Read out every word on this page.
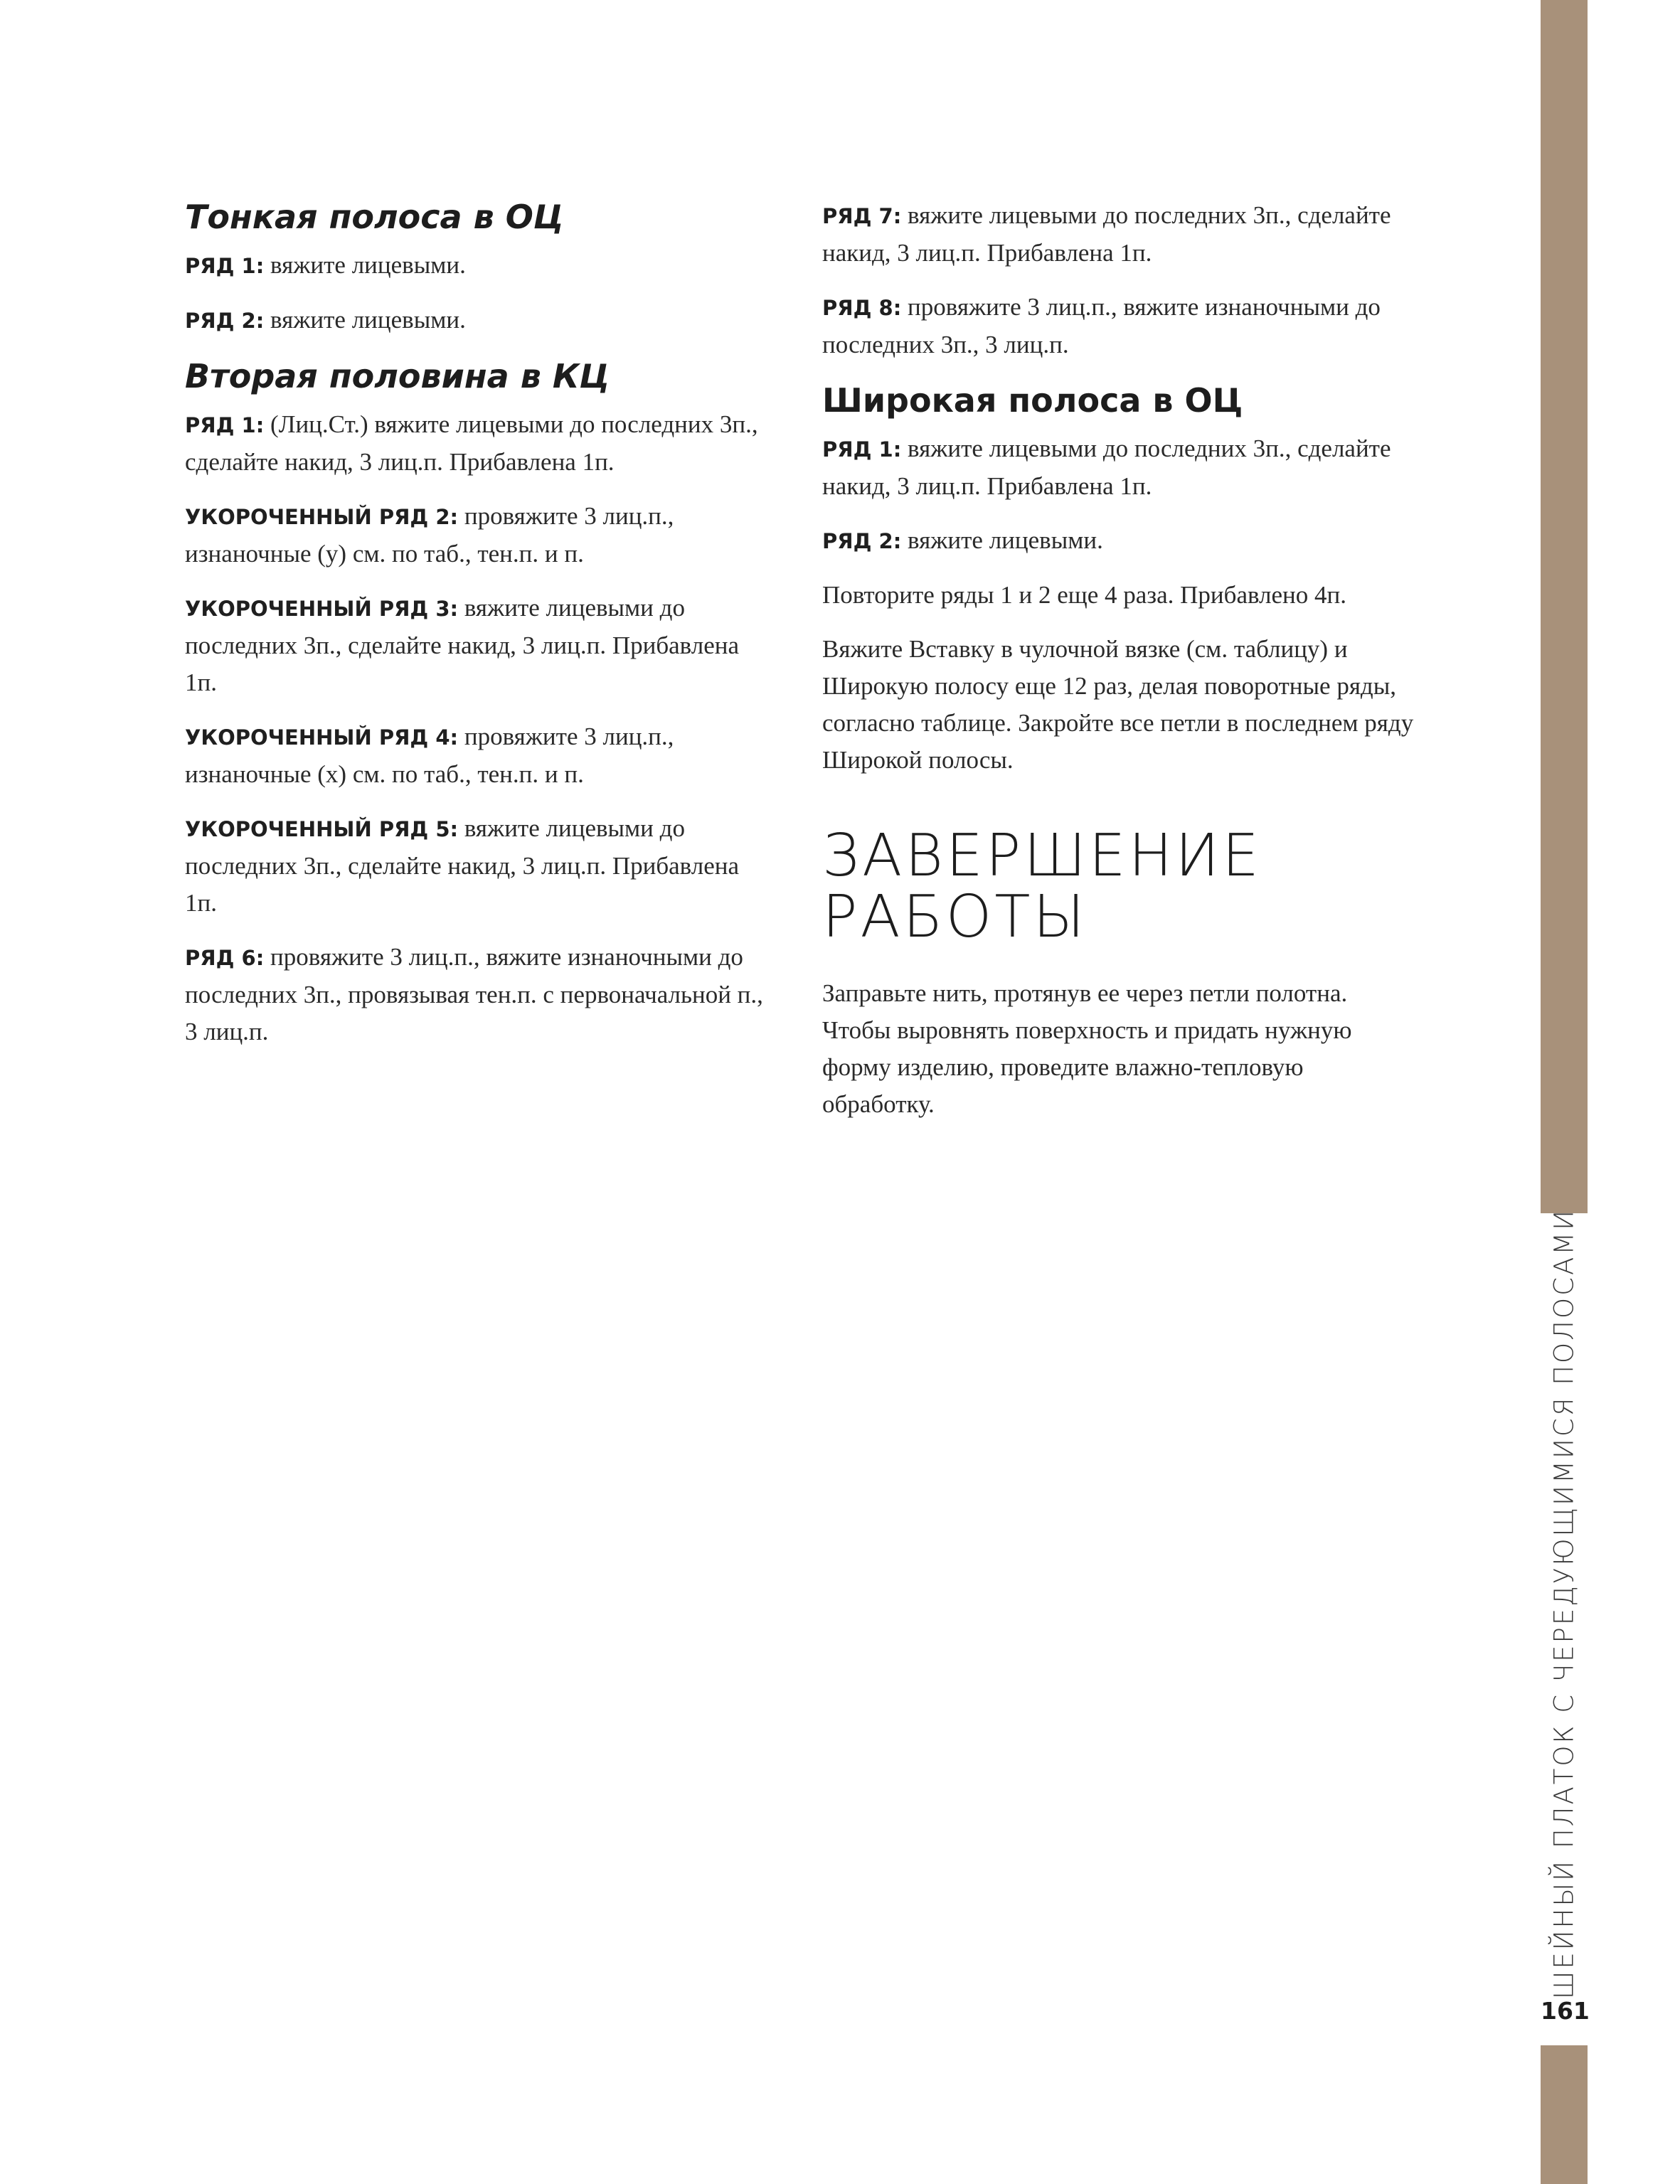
Тонкая полоса в ОЦ

РЯД 1: вяжите лицевыми.

РЯД 2: вяжите лицевыми.

Вторая половина в КЦ

РЯД 1: (Лиц.Ст.) вяжите лицевыми до последних 3п., сделайте накид, 3 лиц.п. Прибавлена 1п.

УКОРОЧЕННЫЙ РЯД 2: провяжите 3 лиц.п., изнаночные (y) см. по таб., тен.п. и п.

УКОРОЧЕННЫЙ РЯД 3: вяжите лицевыми до последних 3п., сделайте накид, 3 лиц.п. Прибавлена 1п.

УКОРОЧЕННЫЙ РЯД 4: провяжите 3 лиц.п., изнаночные (x) см. по таб., тен.п. и п.

УКОРОЧЕННЫЙ РЯД 5: вяжите лицевыми до последних 3п., сделайте накид, 3 лиц.п. Прибавлена 1п.

РЯД 6: провяжите 3 лиц.п., вяжите изнаночными до последних 3п., провязывая тен.п. с первоначальной п., 3 лиц.п.

РЯД 7: вяжите лицевыми до последних 3п., сделайте накид, 3 лиц.п. Прибавлена 1п.

РЯД 8: провяжите 3 лиц.п., вяжите изнаночными до последних 3п., 3 лиц.п.

Широкая полоса в ОЦ

РЯД 1: вяжите лицевыми до последних 3п., сделайте накид, 3 лиц.п. Прибавлена 1п.

РЯД 2: вяжите лицевыми.

Повторите ряды 1 и 2 еще 4 раза. Прибавлено 4п.

Вяжите Вставку в чулочной вязке (см. таблицу) и Широкую полосу еще 12 раз, делая поворотные ряды, согласно таблице. Закройте все петли в последнем ряду Широкой полосы.

ЗАВЕРШЕНИЕ
РАБОТЫ

Заправьте нить, протянув ее через петли полотна. Чтобы выровнять поверхность и придать нужную форму изделию, проведите влажно-тепловую обработку.

ШЕЙНЫЙ ПЛАТОК С ЧЕРЕДУЮЩИМИСЯ ПОЛОСАМИ
161
